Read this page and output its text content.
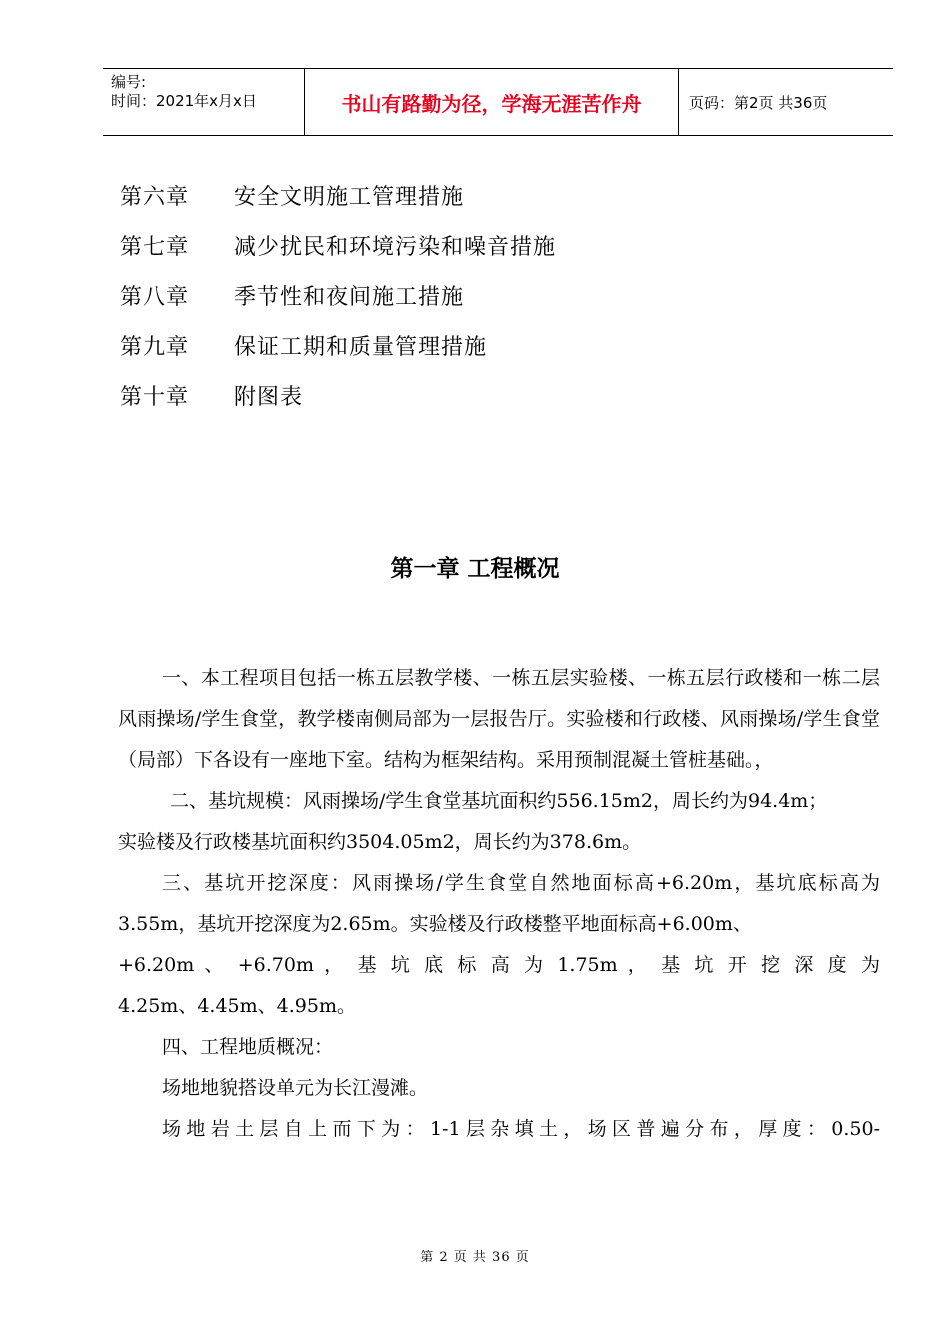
编号:
时间：2021年x月x日	书山有路勤为径，学海无涯苦作舟	页码：第2页 共36页
第六章	安全文明施工管理措施
第七章	减少扰民和环境污染和噪音措施
第八章	季节性和夜间施工措施
第九章	保证工期和质量管理措施
第十章	附图表
第一章 工程概况

一、本工程项目包括一栋五层教学楼、一栋五层实验楼、一栋五层行政楼和一栋二层风雨操场/学生食堂，教学楼南侧局部为一层报告厅。实验楼和行政楼、风雨操场/学生食堂（局部）下各设有一座地下室。结构为框架结构。采用预制混凝土管桩基础。，

二、基坑规模：风雨操场/学生食堂基坑面积约556.15m2，周长约为94.4m；

实验楼及行政楼基坑面积约3504.05m2，周长约为378.6m。

三、基坑开挖深度：风雨操场/学生食堂自然地面标高+6.20m，基坑底标高为3.55m，基坑开挖深度为2.65m。实验楼及行政楼整平地面标高+6.00m、

+6.20m 、 +6.70m ， 基 坑 底 标 高 为 1.75m ， 基 坑 开 挖 深 度 为

4.25m、4.45m、4.95m。

四、工程地质概况：

场地地貌搭设单元为长江漫滩。

场地岩土层自上而下为：1-1层杂填土，场区普遍分布，厚度：0.50-

第 2 页 共 36 页
